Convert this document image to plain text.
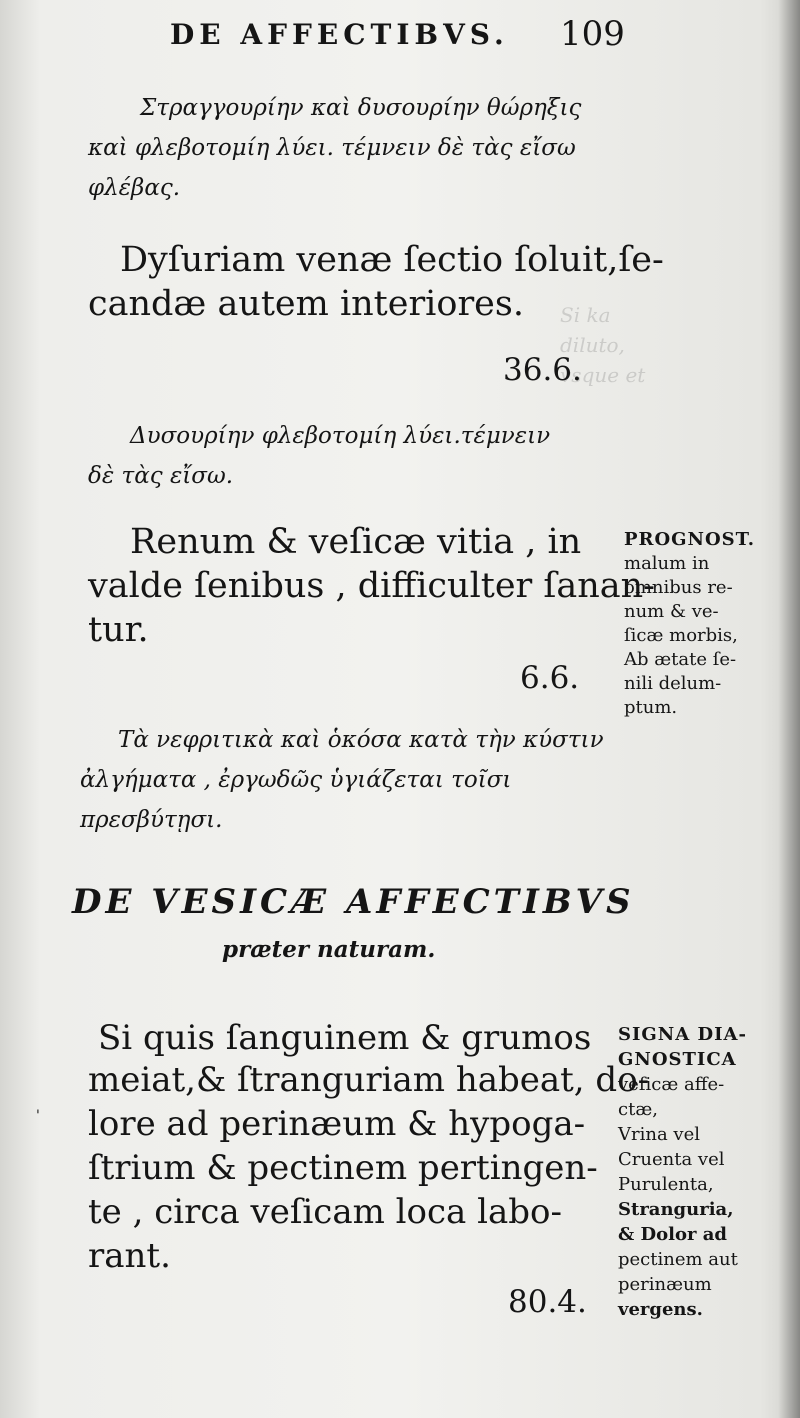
DE AFFECTIBVS. 109
Si ka
diluto,
vsque et
Στραγγουρίην καὶ δυσουρίην θώρηξις
καὶ φλεβοτομίη λύει. τέμνειν δὲ τὰς εἴσω
φλέβας.
Dyſuriam venæ ſectio ſoluit,ſe-
candæ autem interiores.
36.6.
Δυσουρίην φλεβοτομίη λύει.τέμνειν
δὲ τὰς εἴσω.
Renum & veſicæ vitia , in
valde ſenibus , difficulter ſanan-
tur.
6.6.
Τὰ νεφριτικὰ καὶ ὁκόσα κατὰ τὴν κύστιν
ἀλγήματα , ἐργωδῶς ὑγιάζεται τοῖσι
πρεσβύτῃσι.
DE VESICÆ AFFECTIBVS
præter naturam.
Si quis ſanguinem & grumos
meiat,& ſtranguriam habeat, do-
lore ad perinæum & hypoga-
ſtrium & pectinem pertingen-
te , circa veſicam loca labo-
rant.
80.4.
PROGNOST.
malum in
omnibus re-
num & ve-
ſicæ morbis,
Ab ætate ſe-
nili delum-
ptum.
SIGNA DIA-
GNOSTICA
veſicæ affe-
ctæ,
Vrina vel
Cruenta vel
Purulenta,
Stranguria,
& Dolor ad
pectinem aut
perinæum
vergens.
'
